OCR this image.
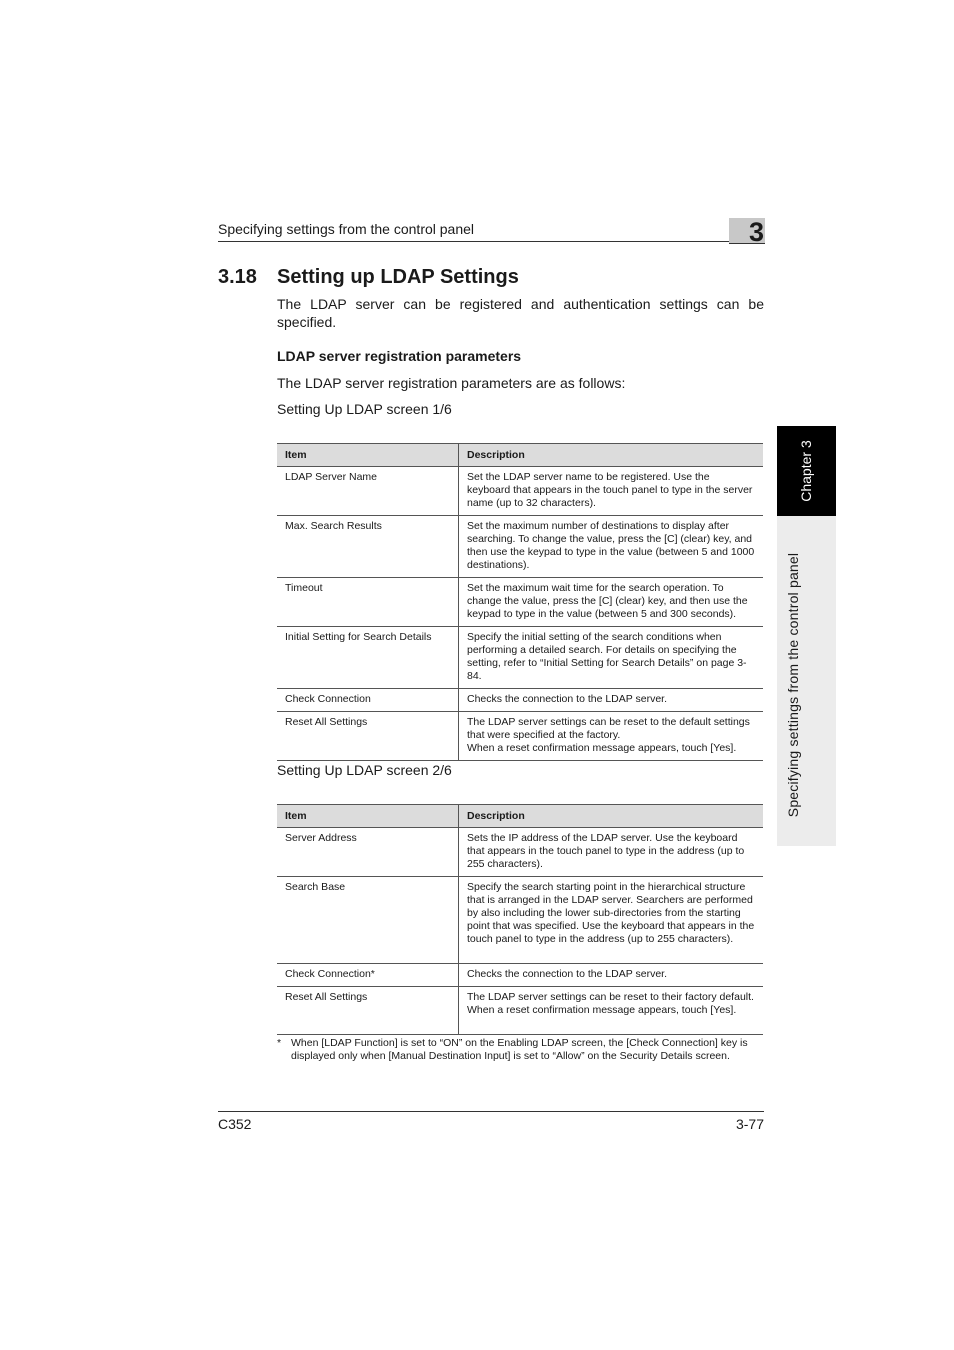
Specifying settings from the control panel	3
Chapter 3
Specifying settings from the control panel
3.18 Setting up LDAP Settings
The LDAP server can be registered and authentication settings can be specified.
LDAP server registration parameters
The LDAP server registration parameters are as follows:
Setting Up LDAP screen 1/6
Item	Description
LDAP Server Name	Set the LDAP server name to be registered. Use the keyboard that appears in the touch panel to type in the server name (up to 32 characters).
Max. Search Results	Set the maximum number of destinations to display after searching. To change the value, press the [C] (clear) key, and then use the keypad to type in the value (between 5 and 1000 destinations).
Timeout	Set the maximum wait time for the search operation. To change the value, press the [C] (clear) key, and then use the keypad to type in the value (between 5 and 300 seconds).
Initial Setting for Search Details	Specify the initial setting of the search conditions when performing a detailed search. For details on specifying the setting, refer to “Initial Setting for Search Details” on page 3-84.
Check Connection	Checks the connection to the LDAP server.
Reset All Settings	The LDAP server settings can be reset to the default settings that were specified at the factory.
When a reset confirmation message appears, touch [Yes].
Setting Up LDAP screen 2/6
Item	Description
Server Address	Sets the IP address of the LDAP server. Use the keyboard that appears in the touch panel to type in the address (up to 255 characters).
Search Base	Specify the search starting point in the hierarchical structure that is arranged in the LDAP server. Searchers are performed by also including the lower sub-directories from the starting point that was specified. Use the keyboard that appears in the touch panel to type in the address (up to 255 characters).
Check Connection*	Checks the connection to the LDAP server.
Reset All Settings	The LDAP server settings can be reset to their factory default.
When a reset confirmation message appears, touch [Yes].
* When [LDAP Function] is set to “ON” on the Enabling LDAP screen, the [Check Connection] key is displayed only when [Manual Destination Input] is set to “Allow” on the Security Details screen.
C352	3-77
